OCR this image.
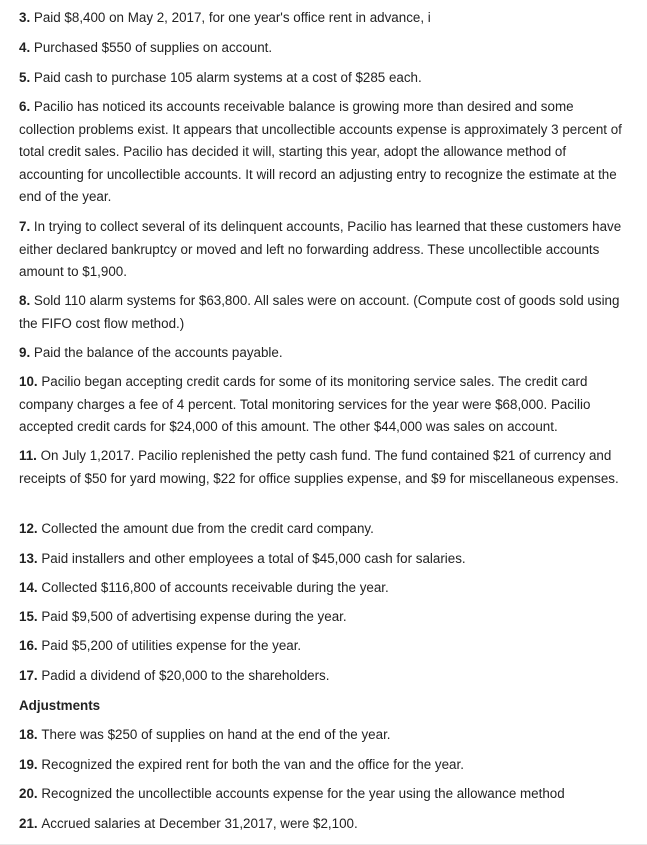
3. Paid $8,400 on May 2, 2017, for one year's office rent in advance, i

4. Purchased $550 of supplies on account.

5. Paid cash to purchase 105 alarm systems at a cost of $285 each.

6. Pacilio has noticed its accounts receivable balance is growing more than desired and some collection problems exist. It appears that uncollectible accounts expense is approximately 3 percent of total credit sales. Pacilio has decided it will, starting this year, adopt the allowance method of accounting for uncollectible accounts. It will record an adjusting entry to recognize the estimate at the end of the year.

7. In trying to collect several of its delinquent accounts, Pacilio has learned that these customers have either declared bankruptcy or moved and left no forwarding address. These uncollectible accounts amount to $1,900.

8. Sold 110 alarm systems for $63,800. All sales were on account. (Compute cost of goods sold using the FIFO cost flow method.)

9. Paid the balance of the accounts payable.

10. Pacilio began accepting credit cards for some of its monitoring service sales. The credit card company charges a fee of 4 percent. Total monitoring services for the year were $68,000. Pacilio accepted credit cards for $24,000 of this amount. The other $44,000 was sales on account.

11. On July 1,2017. Pacilio replenished the petty cash fund. The fund contained $21 of currency and receipts of $50 for yard mowing, $22 for office supplies expense, and $9 for miscellaneous expenses.

12. Collected the amount due from the credit card company.

13. Paid installers and other employees a total of $45,000 cash for salaries.

14. Collected $116,800 of accounts receivable during the year.

15. Paid $9,500 of advertising expense during the year.

16. Paid $5,200 of utilities expense for the year.

17. Padid a dividend of $20,000 to the shareholders.

Adjustments

18. There was $250 of supplies on hand at the end of the year.

19. Recognized the expired rent for both the van and the office for the year.

20. Recognized the uncollectible accounts expense for the year using the allowance method

21. Accrued salaries at December 31,2017, were $2,100.
